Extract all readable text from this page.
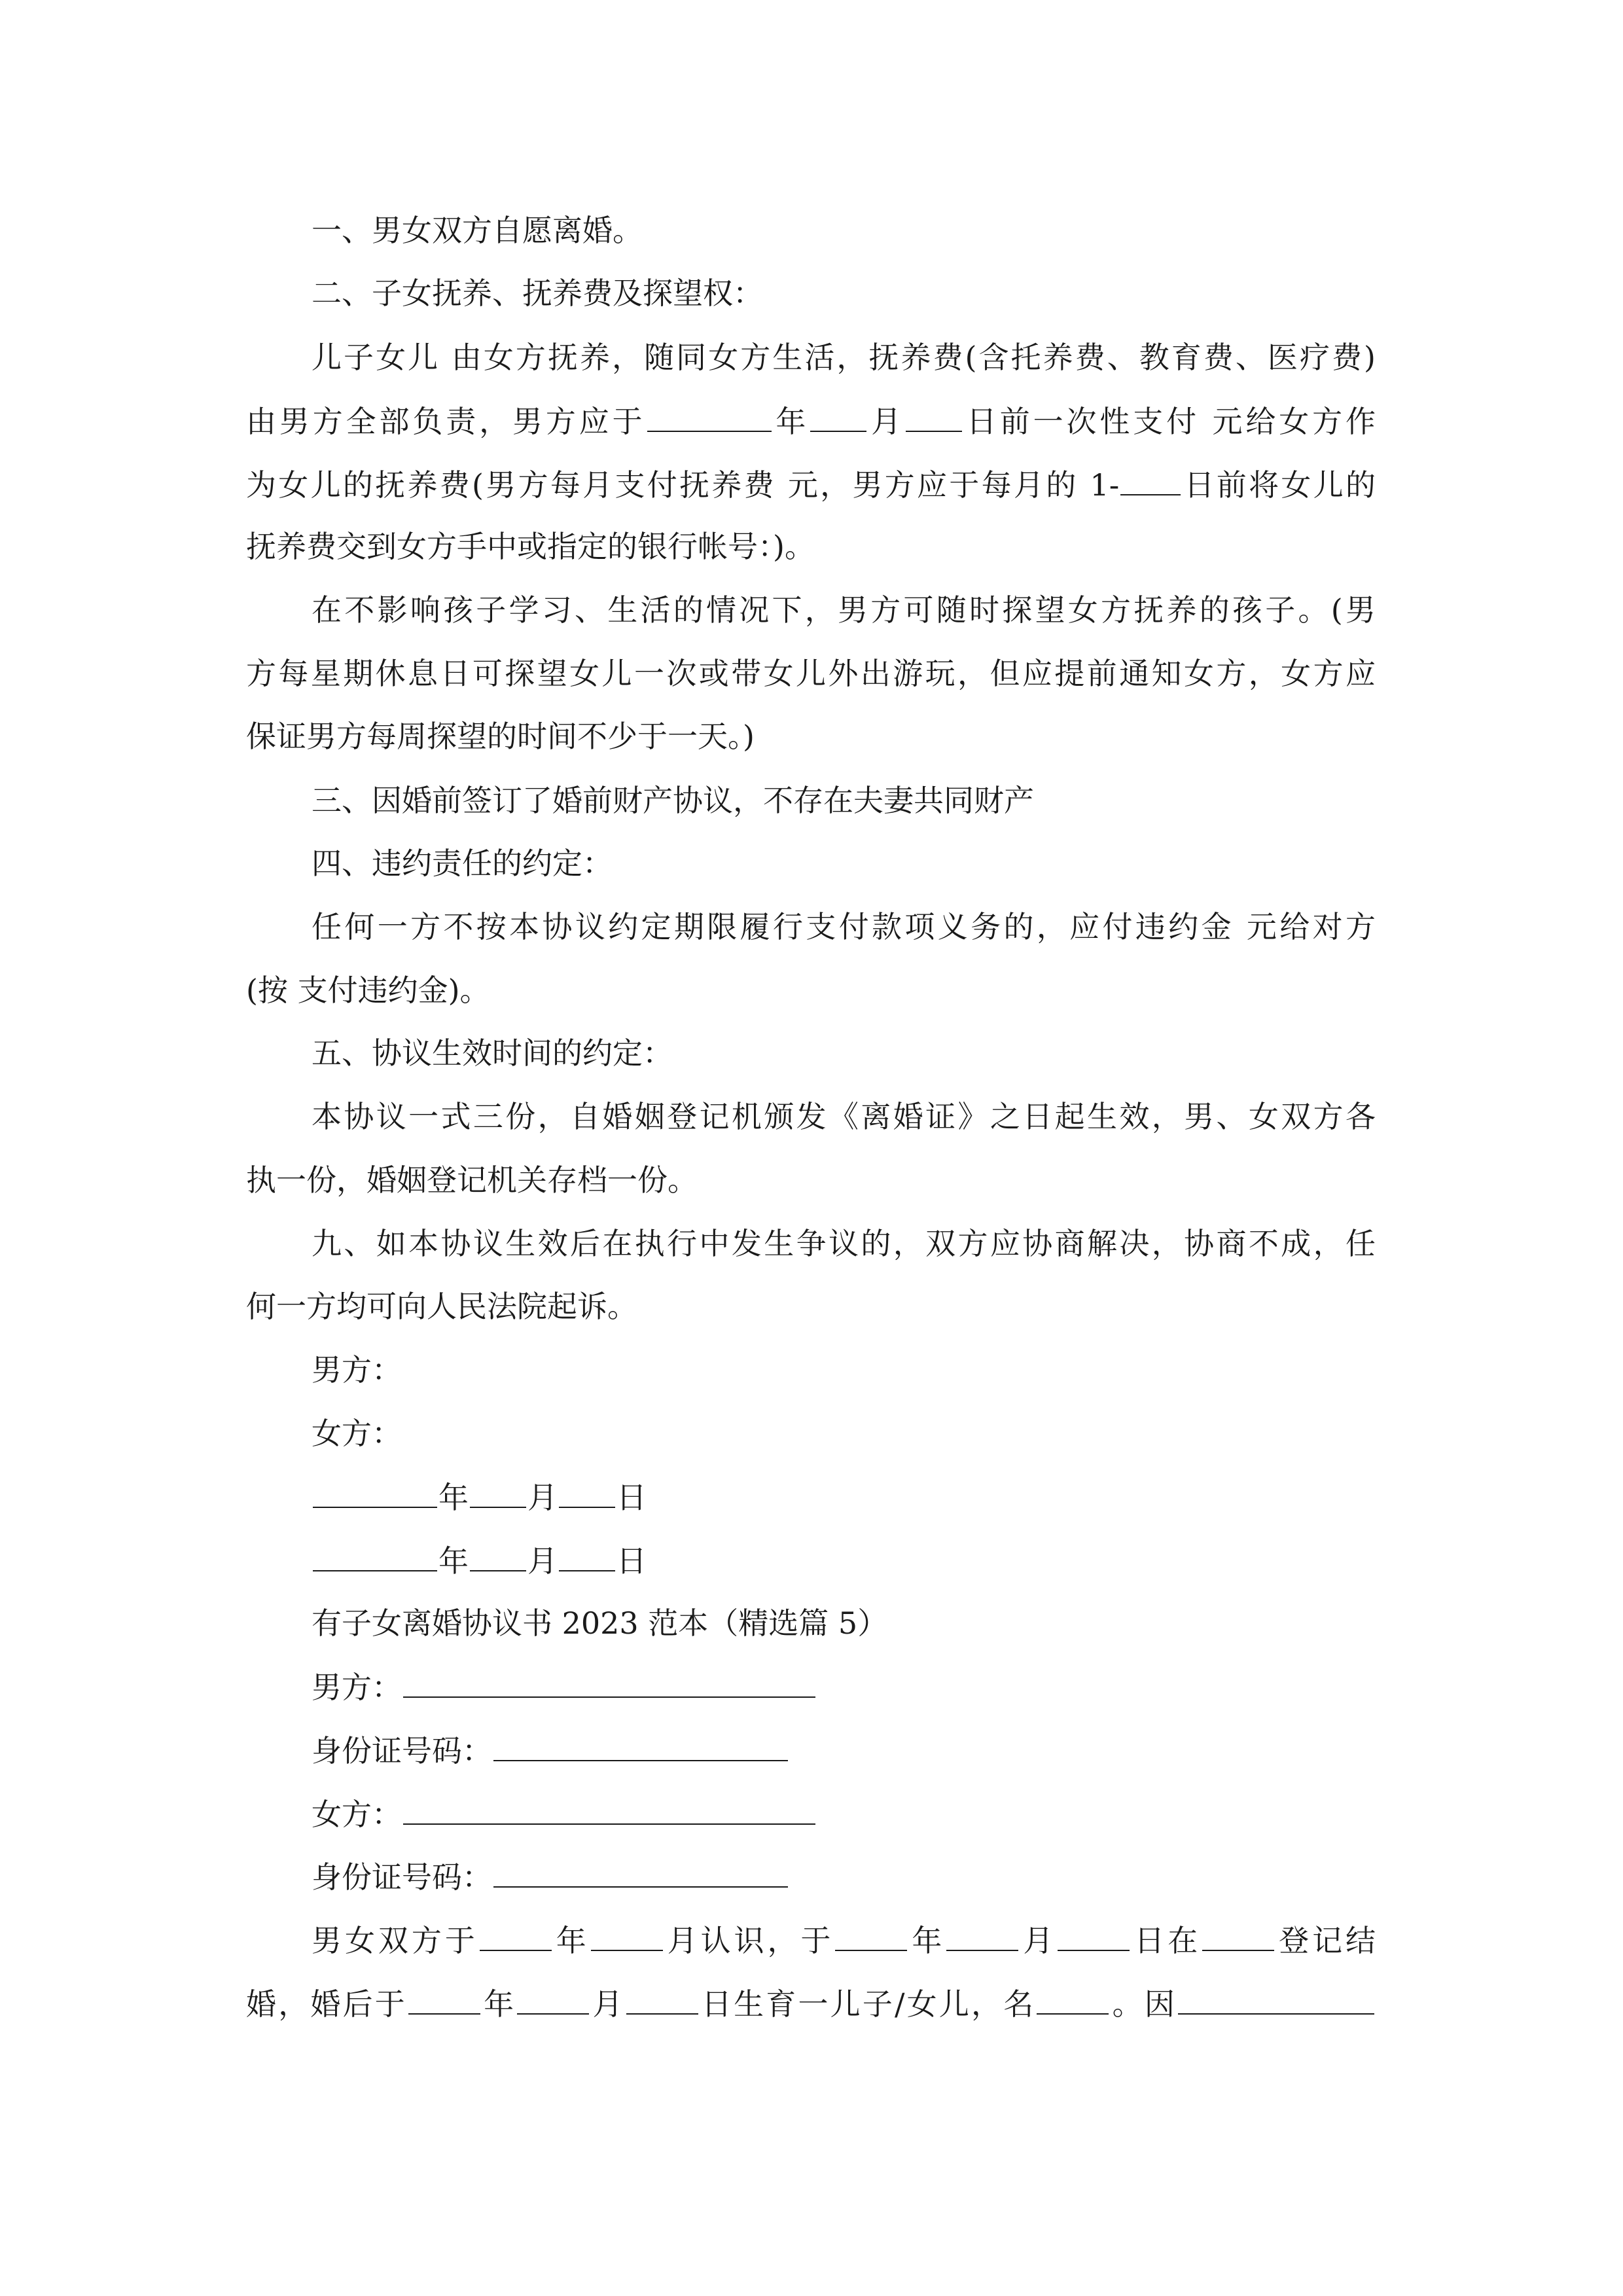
一、男女双方自愿离婚。

二、子女抚养、抚养费及探望权：

儿子女儿 由女方抚养，随同女方生活，抚养费(含托养费、教育费、医疗费)

由男方全部负责，男方应于	年 月 日前一次性支付 元给女方作

为女儿的抚养费(男方每月支付抚养费 元，男方应于每月的 1- 日前将女儿的

抚养费交到女方手中或指定的银行帐号：)。

在不影响孩子学习、生活的情况下，男方可随时探望女方抚养的孩子。(男

方每星期休息日可探望女儿一次或带女儿外出游玩，但应提前通知女方，女方应

保证男方每周探望的时间不少于一天。)

三、因婚前签订了婚前财产协议，不存在夫妻共同财产

四、违约责任的约定：

任何一方不按本协议约定期限履行支付款项义务的，应付违约金 元给对方

(按 支付违约金)。

五、协议生效时间的约定：

本协议一式三份，自婚姻登记机颁发《离婚证》之日起生效，男、女双方各

执一份，婚姻登记机关存档一份。

九、如本协议生效后在执行中发生争议的，双方应协商解决，协商不成，任

何一方均可向人民法院起诉。

男方：

女方：

年 月 日

年 月 日

有子女离婚协议书 2023 范本（精选篇 5）

男方：

身份证号码：

女方：

身份证号码：

男女双方于 年 月认识，于 年 月 日在 登记结

婚，婚后于 年 月 日生育一儿子/女儿，名 。因
